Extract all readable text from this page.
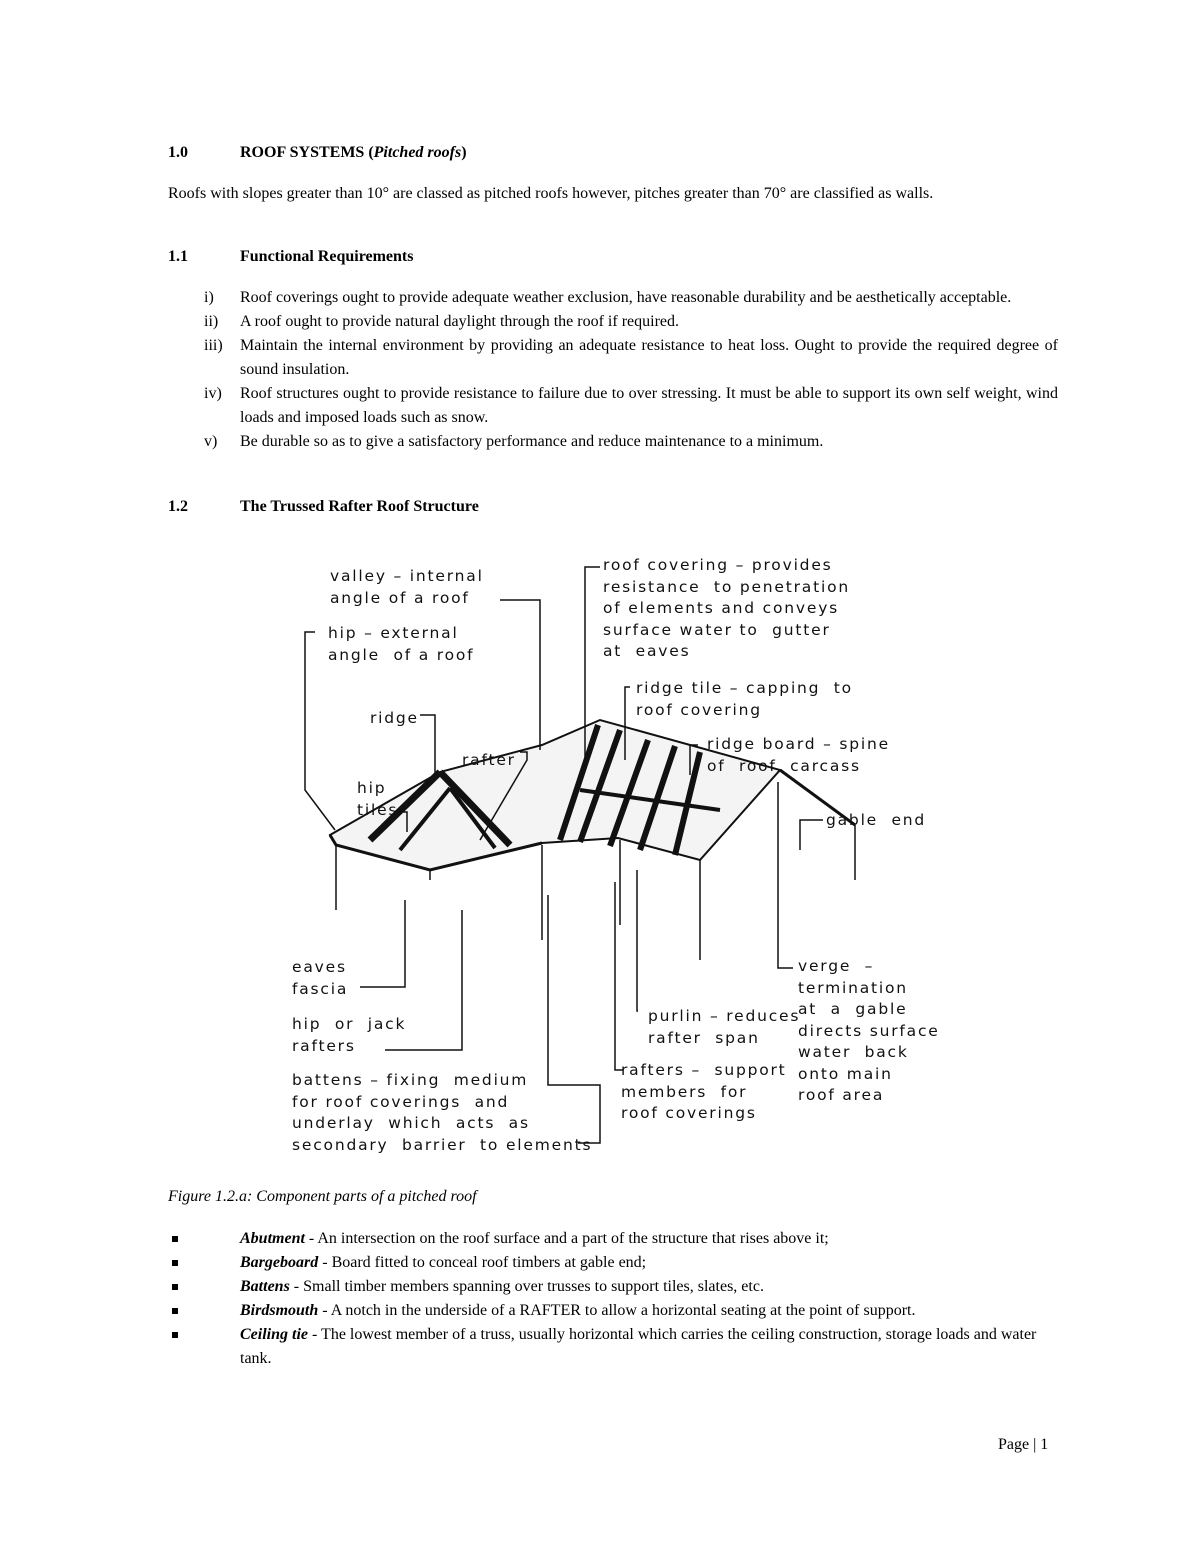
1.0	ROOF SYSTEMS (Pitched roofs)
Roofs with slopes greater than 10° are classed as pitched roofs however, pitches greater than 70° are classified as walls.
1.1	Functional Requirements
i) Roof coverings ought to provide adequate weather exclusion, have reasonable durability and be aesthetically acceptable.
ii) A roof ought to provide natural daylight through the roof if required.
iii) Maintain the internal environment by providing an adequate resistance to heat loss. Ought to provide the required degree of sound insulation.
iv) Roof structures ought to provide resistance to failure due to over stressing. It must be able to support its own self weight, wind loads and imposed loads such as snow.
v) Be durable so as to give a satisfactory performance and reduce maintenance to a minimum.
1.2	The Trussed Rafter Roof Structure
valley – internal
angle of a roof
hip – external
angle  of a roof
roof covering – provides
resistance  to penetration
of elements and conveys
surface water to  gutter
at  eaves
ridge
rafter
hip
tiles
ridge tile – capping  to
roof covering
ridge board – spine
of  roof  carcass
gable  end
eaves
fascia
hip  or  jack
rafters
battens – fixing  medium
for roof coverings  and
underlay  which  acts  as
secondary  barrier  to elements
purlin – reduces
rafter  span
rafters –  support
members  for
roof coverings
verge  –
termination
at  a  gable
directs surface
water  back
onto main
roof area
Figure 1.2.a: Component parts of a pitched roof
Abutment - An intersection on the roof surface and a part of the structure that rises above it;
Bargeboard - Board fitted to conceal roof timbers at gable end;
Battens - Small timber members spanning over trusses to support tiles, slates, etc.
Birdsmouth - A notch in the underside of a RAFTER to allow a horizontal seating at the point of support.
Ceiling tie - The lowest member of a truss, usually horizontal which carries the ceiling construction, storage loads and water tank.
Page | 1
